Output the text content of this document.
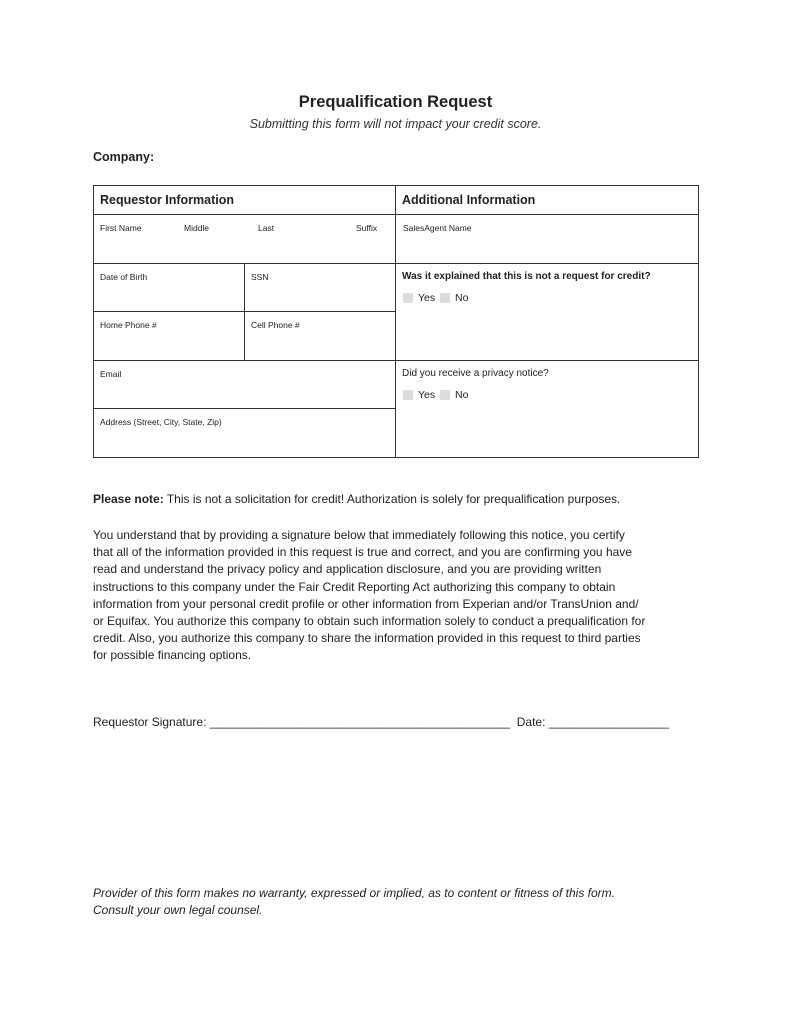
Prequalification Request
Submitting this form will not impact your credit score.
Company:
Requestor Information	Additional Information
First Name	Middle	Last	Suffix	SalesAgent Name
Date of Birth	SSN
Home Phone #	Cell Phone #
Email
Address (Street, City, State, Zip)
Was it explained that this is not a request for credit?
Yes No
Did you receive a privacy notice?
Yes No
Please note: This is not a solicitation for credit! Authorization is solely for prequalification purposes.
You understand that by providing a signature below that immediately following this notice, you certify
that all of the information provided in this request is true and correct, and you are confirming you have
read and understand the privacy policy and application disclosure, and you are providing written
instructions to this company under the Fair Credit Reporting Act authorizing this company to obtain
information from your personal credit profile or other information from Experian and/or TransUnion and/
or Equifax. You authorize this company to obtain such information solely to conduct a prequalification for
credit. Also, you authorize this company to share the information provided in this request to third parties
for possible financing options.
Requestor Signature: _____________________________________________  Date: __________________
Provider of this form makes no warranty, expressed or implied, as to content or fitness of this form.
Consult your own legal counsel.
